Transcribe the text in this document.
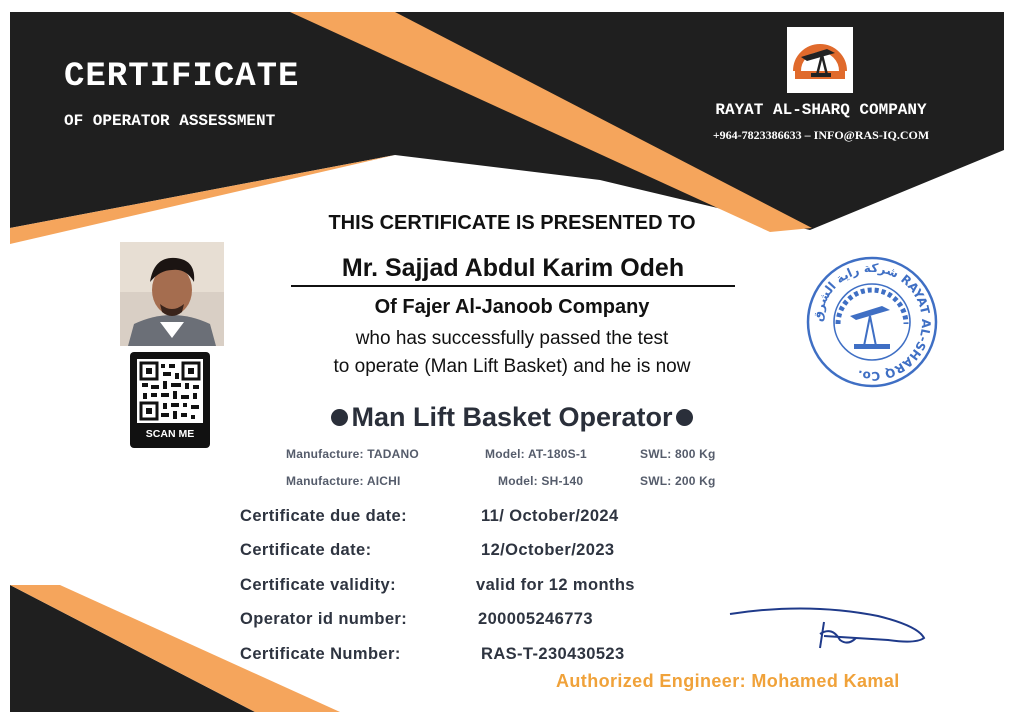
CERTIFICATE
OF OPERATOR ASSESSMENT
RAYAT AL-SHARQ COMPANY
+964-7823386633 – INFO@RAS-IQ.COM
SCAN ME
THIS CERTIFICATE IS PRESENTED TO
Mr. Sajjad Abdul Karim Odeh
Of Fajer Al-Janoob Company
who has successfully passed the test
to operate (Man Lift Basket) and he is now
Man Lift Basket Operator
Manufacture: TADANO	Model: AT-180S-1	SWL: 800 Kg
Manufacture: AICHI	Model: SH-140	SWL: 200 Kg
Certificate due date:	11/ October/2024
Certificate date:	12/October/2023
Certificate validity:	valid for 12 months
Operator id number:	200005246773
Certificate Number:	RAS-T-230430523
شركة راية الشرق RAYAT AL-SHARQ Co.
Authorized Engineer: Mohamed Kamal
